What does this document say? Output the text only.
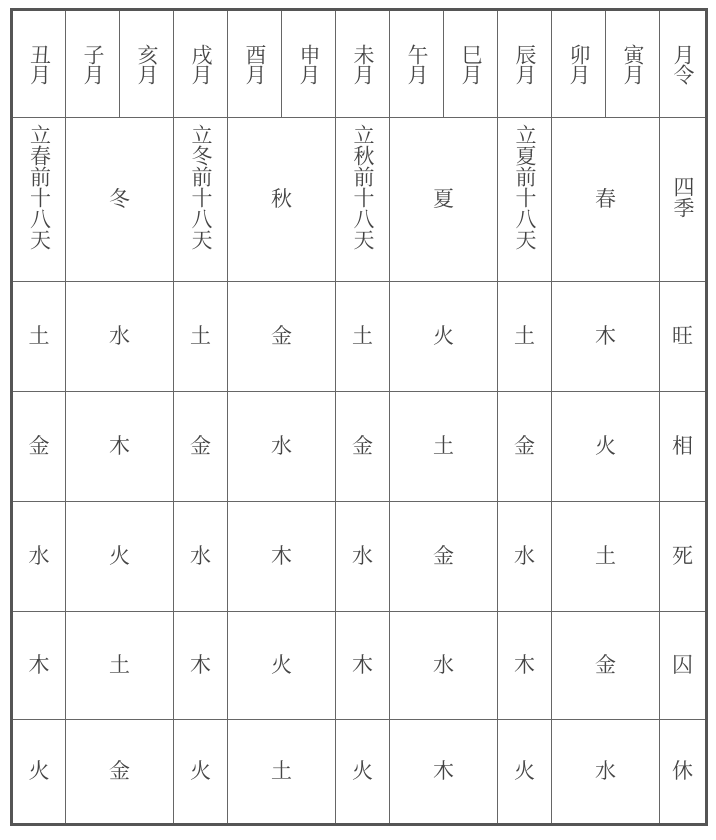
丑月 子月 亥月 戌月 酉月 申月 未月 午月 巳月 辰月 卯月 寅月 月令
立春前十八天	冬	立冬前十八天	秋	立秋前十八天	夏	立夏前十八天	春	四季
土	水	土	金	土	火	土	木	旺
金	木	金	水	金	土	金	火	相
水	火	水	木	水	金	水	土	死
木	土	木	火	木	水	木	金	囚
火	金	火	土	火	木	火	水	休
